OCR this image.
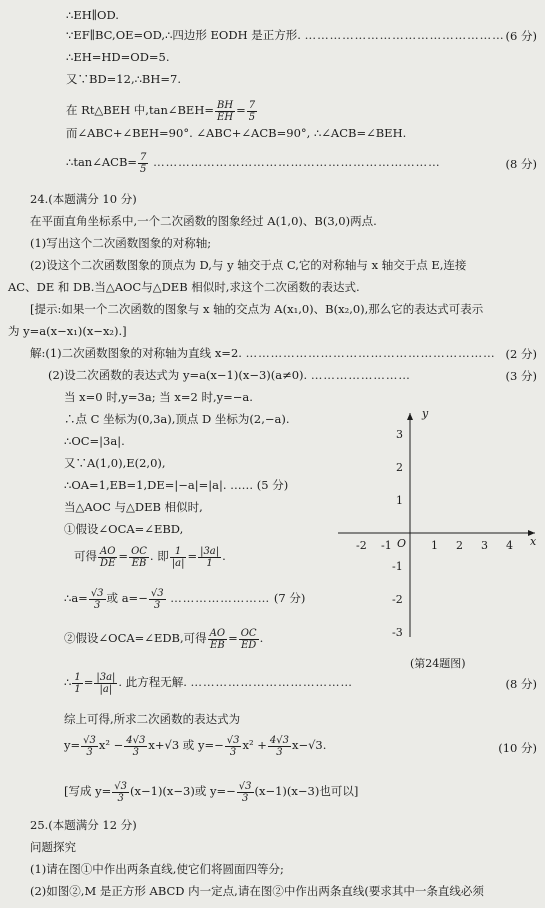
∴EH∥OD.
∵EF∥BC,OE=OD,∴四边形 EODH 是正方形. ………………………………………… (6 分)
∴EH=HD=OD=5.
又∵BD=12,∴BH=7.
在 Rt△BEH 中,tan∠BEH= $\frac{BH}{EH} = \frac{7}{5}$
而∠ABC+∠BEH=90°. ∠ABC+∠ACB=90°, ∴∠ACB=∠BEH.
∴tan∠ACB= $\frac{7}{5}$ ……………………………………………………………	(8 分)
24.(本题满分 10 分)
在平面直角坐标系中,一个二次函数的图象经过 A(1,0)、B(3,0)两点.
(1)写出这个二次函数图象的对称轴;
(2)设这个二次函数图象的顶点为 D,与 y 轴交于点 C,它的对称轴与 x 轴交于点 E,连接
AC、DE 和 DB.当△AOC与△DEB 相似时,求这个二次函数的表达式.
[提示:如果一个二次函数的图象与 x 轴的交点为 A(x₁,0)、B(x₂,0),那么它的表达式可表示
为 y=a(x−x₁)(x−x₂).]
解:(1)二次函数图象的对称轴为直线 x=2. …………………………………………………… (2 分)
(2)设二次函数的表达式为 y=a(x−1)(x−3)(a≠0). ……………………	(3 分)
当 x=0 时,y=3a; 当 x=2 时,y=−a.
∴点 C 坐标为(0,3a),顶点 D 坐标为(2,−a).
∴OC=|3a|.
又∵A(1,0),E(2,0),
∴OA=1,EB=1,DE=|−a|=|a|. …… (5 分)
当△AOC 与△DEB 相似时,
①假设∠OCA=∠EBD,
可得 $\frac{AO}{DE} = \frac{OC}{EB}$ . 即 $\frac{1}{|a|} = \frac{|3a|}{1}$ .
∴a= $\frac{√3}{3}$ 或 $a=- \frac{√3}{3}$ …………………… (7 分)
②假设∠OCA=∠EDB,可得 $\frac{AO}{EB} = \frac{OC}{ED}$ .
∴ $\frac{1}{1} = \frac{|3a|}{|a|}$ . 此方程无解. …………………………………	(8 分)
综上可得,所求二次函数的表达式为
$y= \frac{√3}{3} x^2 - \frac{4√3}{3} x+√3$ 或 $y=- \frac{√3}{3} x^2 + \frac{4√3}{3} x-√3$.	(10 分)
[写成 $y= \frac{√3}{3} (x-1)(x-3)$或 $y=- \frac{√3}{3} (x-1)(x-3)$也可以]
25.(本题满分 12 分)
问题探究
(1)请在图①中作出两条直线,使它们将圆面四等分;
(2)如图②,M 是正方形 ABCD 内一定点,请在图②中作出两条直线(要求其中一条直线必须
y
x
O
-2 -1	1 2 3 4
3
2
1
-1
-2
-3
(第24题图)
